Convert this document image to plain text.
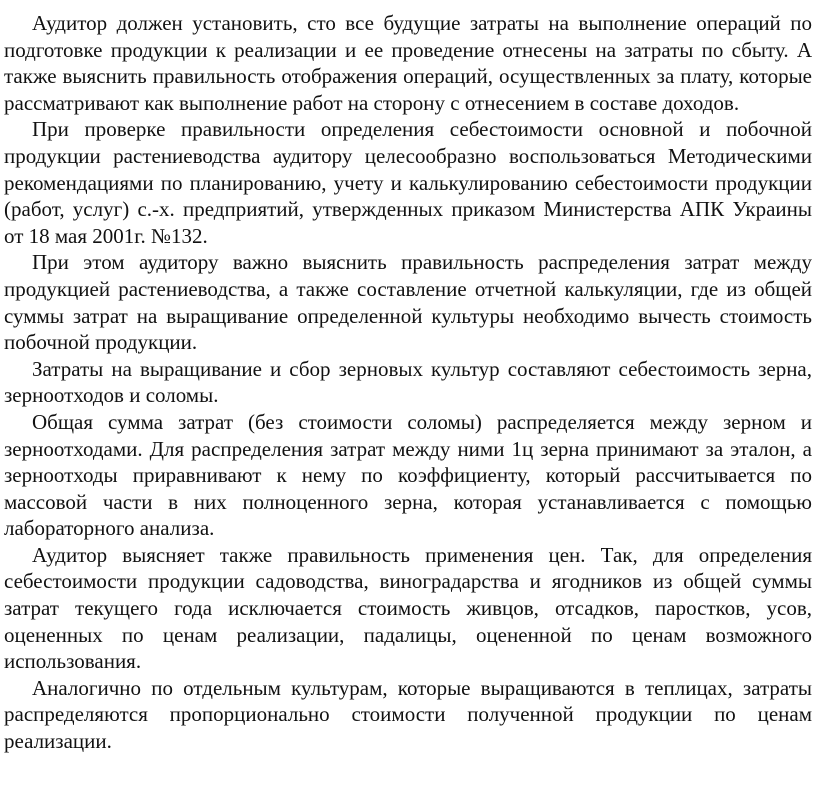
Аудитор должен установить, сто все будущие затраты на выполнение операций по подготовке продукции к реализации и ее проведение отнесены на затраты по сбыту. А также выяснить правильность отображения операций, осуществленных за плату, которые рассматривают как выполнение работ на сторону с отнесением в составе доходов.

При проверке правильности определения себестоимости основной и побочной продукции растениеводства аудитору целесообразно воспользоваться Методическими рекомендациями по планированию, учету и калькулированию себестоимости продукции (работ, услуг) с.-х. предприятий, утвержденных приказом Министерства АПК Украины от 18 мая 2001г. №132.

При этом аудитору важно выяснить правильность распределения затрат между продукцией растениеводства, а также составление отчетной калькуляции, где из общей суммы затрат на выращивание определенной культуры необходимо вычесть стоимость побочной продукции.

Затраты на выращивание и сбор зерновых культур составляют себестоимость зерна, зерноотходов и соломы.

Общая сумма затрат (без стоимости соломы) распределяется между зерном и зерноотходами. Для распределения затрат между ними 1ц зерна принимают за эталон, а зерноотходы приравнивают к нему по коэффициенту, который рассчитывается по массовой части в них полноценного зерна, которая устанавливается с помощью лабораторного анализа.

Аудитор выясняет также правильность применения цен. Так, для определения себестоимости продукции садоводства, виноградарства и ягодников из общей суммы затрат текущего года исключается стоимость живцов, отсадков, паростков, усов, оцененных по ценам реализации, падалицы, оцененной по ценам возможного использования.

Аналогично по отдельным культурам, которые выращиваются в теплицах, затраты распределяются пропорционально стоимости полученной продукции по ценам реализации.
